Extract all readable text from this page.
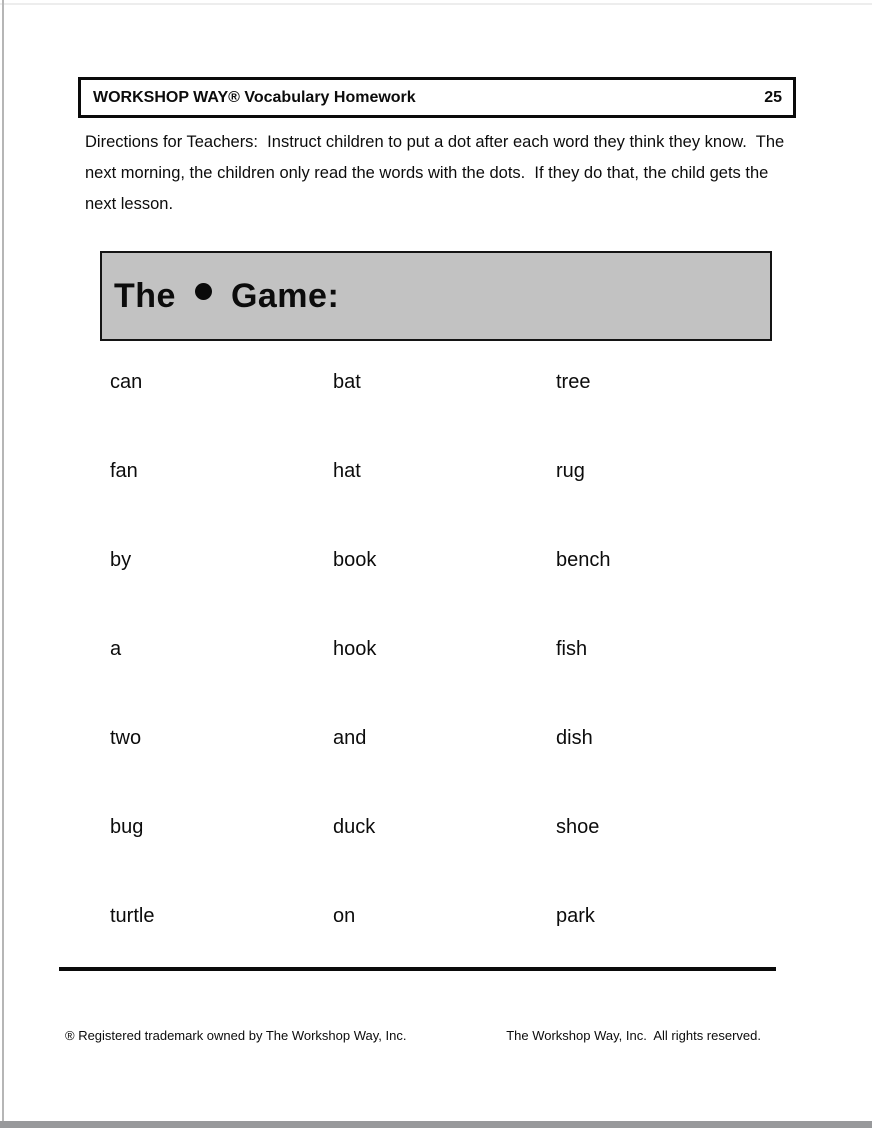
WORKSHOP WAY® Vocabulary Homework	25
Directions for Teachers:  Instruct children to put a dot after each word they think they know.  The next morning, the children only read the words with the dots.  If they do that, the child gets the next lesson.
The Game:
can	bat	tree
fan	hat	rug
by	book	bench
a	hook	fish
two	and	dish
bug	duck	shoe
turtle	on	park
® Registered trademark owned by The Workshop Way, Inc.	The Workshop Way, Inc.  All rights reserved.
